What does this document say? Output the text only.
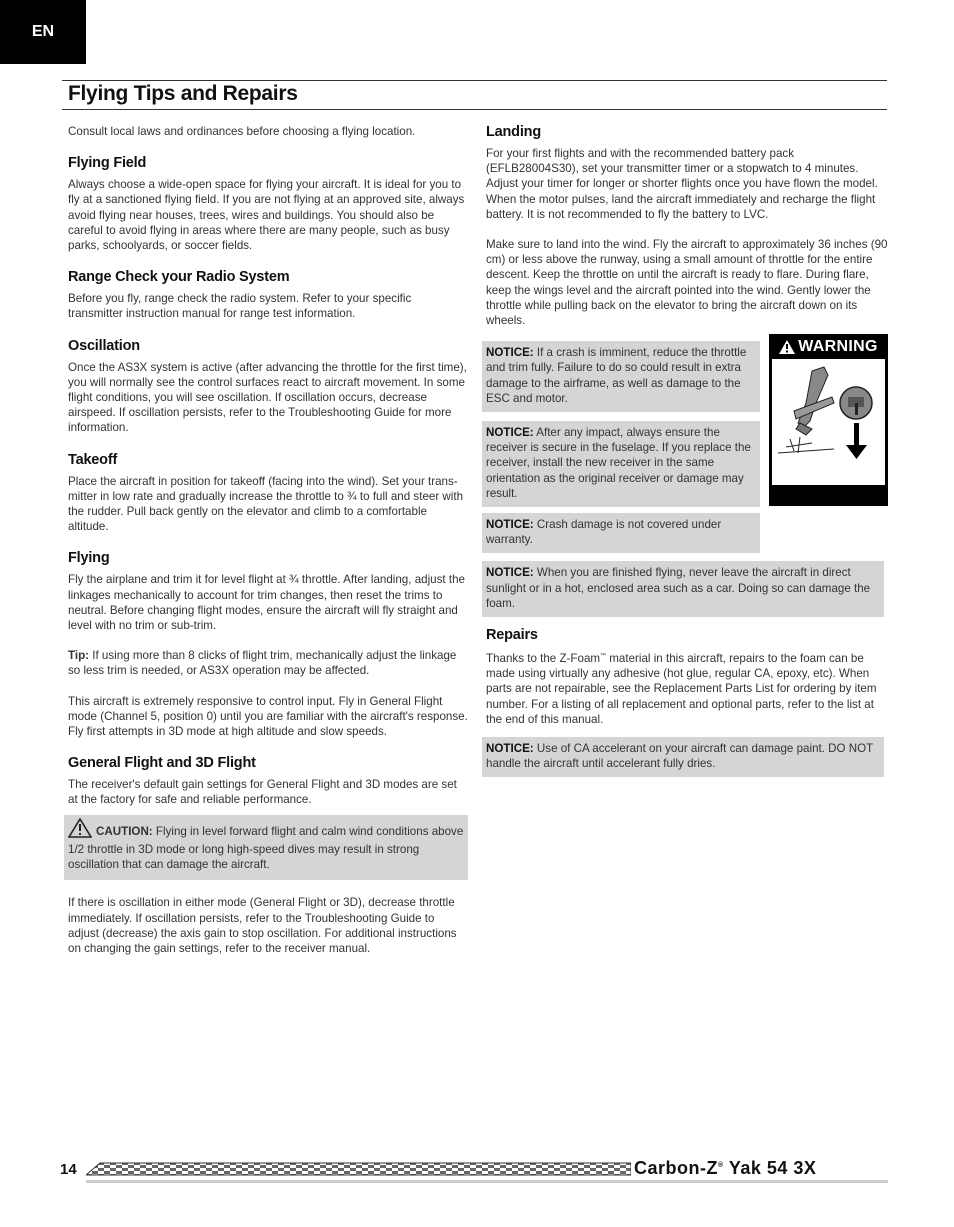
EN
Flying Tips and Repairs

Consult local laws and ordinances before choosing a flying location.

Flying Field

Always choose a wide-open space for flying your aircraft. It is ideal for you to fly at a sanctioned flying field. If you are not flying at an approved site, always avoid flying near houses, trees, wires and buildings. You should also be careful to avoid flying in areas where there are many people, such as busy parks, schoolyards, or soccer fields.

Range Check your Radio System

Before you fly, range check the radio system. Refer to your specific transmitter instruction manual for range test information.

Oscillation

Once the AS3X system is active (after advancing the throttle for the first time), you will normally see the control surfaces react to aircraft movement. In some flight conditions, you will see oscillation. If oscillation occurs, decrease airspeed. If oscillation persists, refer to the Troubleshooting Guide for more information.

Takeoff

Place the aircraft in position for takeoff (facing into the wind). Set your trans-mitter in low rate and gradually increase the throttle to ¾ to full and steer with the rudder. Pull back gently on the elevator and climb to a comfortable altitude.

Flying

Fly the airplane and trim it for level flight at ¾ throttle. After landing, adjust the linkages mechanically to account for trim changes, then reset the trims to neutral. Before changing flight modes, ensure the aircraft will fly straight and level with no trim or sub-trim.

Tip: If using more than 8 clicks of flight trim, mechanically adjust the linkage so less trim is needed, or AS3X operation may be affected.

This aircraft is extremely responsive to control input. Fly in General Flight mode (Channel 5, position 0) until you are familiar with the aircraft's response. Fly first attempts in 3D mode at high altitude and slow speeds.

General Flight and 3D Flight

The receiver's default gain settings for General Flight and 3D modes are set at the factory for safe and reliable performance.

CAUTION: Flying in level forward flight and calm wind conditions above 1/2 throttle in 3D mode or long high-speed dives may result in strong oscillation that can damage the aircraft.

If there is oscillation in either mode (General Flight or 3D), decrease throttle immediately. If oscillation persists, refer to the Troubleshooting Guide to adjust (decrease) the axis gain to stop oscillation. For additional instructions on changing the gain settings, refer to the receiver manual.

Landing

For your first flights and with the recommended battery pack (EFLB28004S30), set your transmitter timer or a stopwatch to 4 minutes. Adjust your timer for longer or shorter flights once you have flown the model. When the motor pulses, land the aircraft immediately and recharge the flight battery. It is not recommended to fly the battery to LVC.

Make sure to land into the wind. Fly the aircraft to approximately 36 inches (90 cm) or less above the runway, using a small amount of throttle for the entire descent. Keep the throttle on until the aircraft is ready to flare. During flare, keep the wings level and the aircraft pointed into the wind. Gently lower the throttle while pulling back on the elevator to bring the aircraft down on its wheels.

NOTICE: If a crash is imminent, reduce the throttle and trim fully. Failure to do so could result in extra damage to the airframe, as well as damage to the ESC and motor.

NOTICE: After any impact, always ensure the receiver is secure in the fuselage. If you replace the receiver, install the new receiver in the same orientation as the original receiver or damage may result.

NOTICE: Crash damage is not covered under warranty.

NOTICE: When you are finished flying, never leave the aircraft in direct sunlight or in a hot, enclosed area such as a car. Doing so can damage the foam.

Repairs

Thanks to the Z-Foam™ material in this aircraft, repairs to the foam can be made using virtually any adhesive (hot glue, regular CA, epoxy, etc). When parts are not repairable, see the Replacement Parts List for ordering by item number. For a listing of all replacement and optional parts, refer to the list at the end of this manual.

NOTICE: Use of CA accelerant on your aircraft can damage paint. DO NOT handle the aircraft until accelerant fully dries.

WARNING
14	Carbon-Z® Yak 54 3X
